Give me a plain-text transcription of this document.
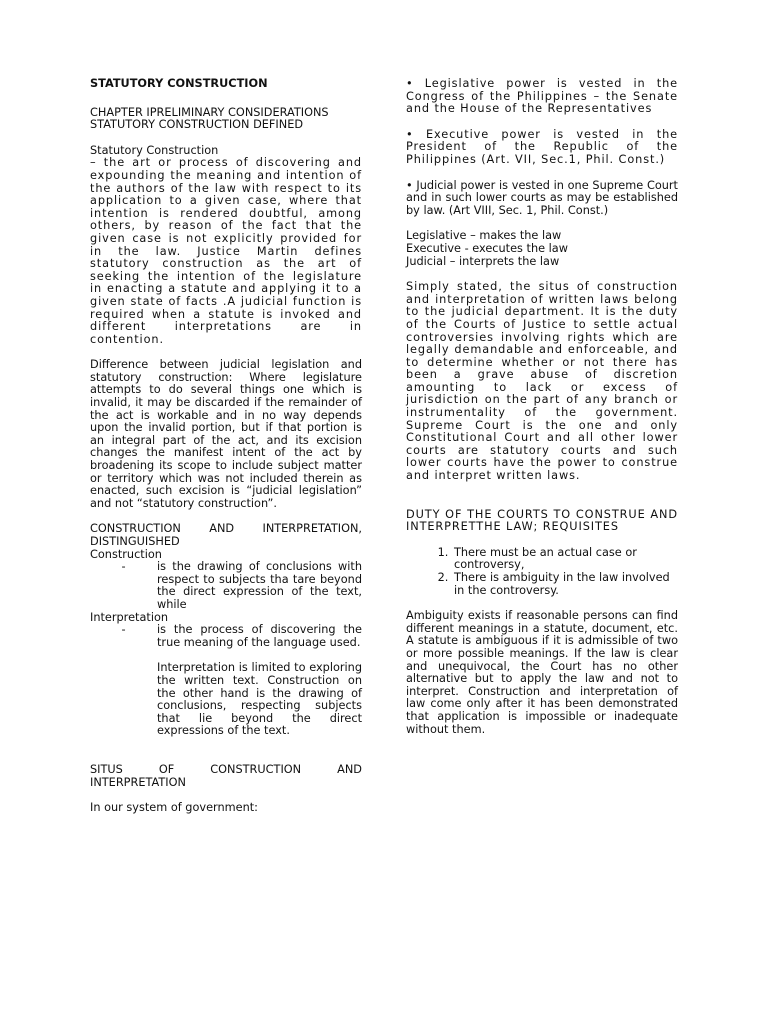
STATUTORY CONSTRUCTION

CHAPTER IPRELIMINARY CONSIDERATIONS

STATUTORY CONSTRUCTION DEFINED

Statutory Construction

– the art or process of discovering and expounding the meaning and intention of the authors of the law with respect to its application to a given case, where that intention is rendered doubtful, among others, by reason of the fact that the given case is not explicitly provided for in the law. Justice Martin defines statutory construction as the art of seeking the intention of the legislature in enacting a statute and applying it to a given state of facts .A judicial function is required when a statute is invoked and different interpretations are in contention.

Difference between judicial legislation and statutory construction: Where legislature attempts to do several things one which is invalid, it may be discarded if the remainder of the act is workable and in no way depends upon the invalid portion, but if that portion is an integral part of the act, and its excision changes the manifest intent of the act by broadening its scope to include subject matter or territory which was not included therein as enacted, such excision is “judicial legislation” and not “statutory construction”.

CONSTRUCTION AND INTERPRETATION, DISTINGUISHED

Construction

-	is the drawing of conclusions with respect to subjects tha tare beyond the direct expression of the text, while

Interpretation

-	is the process of discovering the true meaning of the language used.

Interpretation is limited to exploring the written text. Construction on the other hand is the drawing of conclusions, respecting subjects that lie beyond the direct expressions of the text.

SITUS OF CONSTRUCTION AND INTERPRETATION

In our system of government:

• Legislative power is vested in the Congress of the Philippines – the Senate and the House of the Representatives

• Executive power is vested in the President of the Republic of the Philippines (Art. VII, Sec.1, Phil. Const.)

• Judicial power is vested in one Supreme Court and in such lower courts as may be established by law. (Art VIII, Sec. 1, Phil. Const.)

Legislative – makes the law

Executive - executes the law

Judicial – interprets the law

Simply stated, the situs of construction and interpretation of written laws belong to the judicial department. It is the duty of the Courts of Justice to settle actual controversies involving rights which are legally demandable and enforceable, and to determine whether or not there has been a grave abuse of discretion amounting to lack or excess of jurisdiction on the part of any branch or instrumentality of the government. Supreme Court is the one and only Constitutional Court and all other lower courts are statutory courts and such lower courts have the power to construe and interpret written laws.

DUTY OF THE COURTS TO CONSTRUE AND INTERPRETTHE LAW; REQUISITES

1. There must be an actual case or controversy,
2. There is ambiguity in the law involved in the controversy.

Ambiguity exists if reasonable persons can find different meanings in a statute, document, etc. A statute is ambiguous if it is admissible of two or more possible meanings. If the law is clear and unequivocal, the Court has no other alternative but to apply the law and not to interpret. Construction and interpretation of law come only after it has been demonstrated that application is impossible or inadequate without them.
